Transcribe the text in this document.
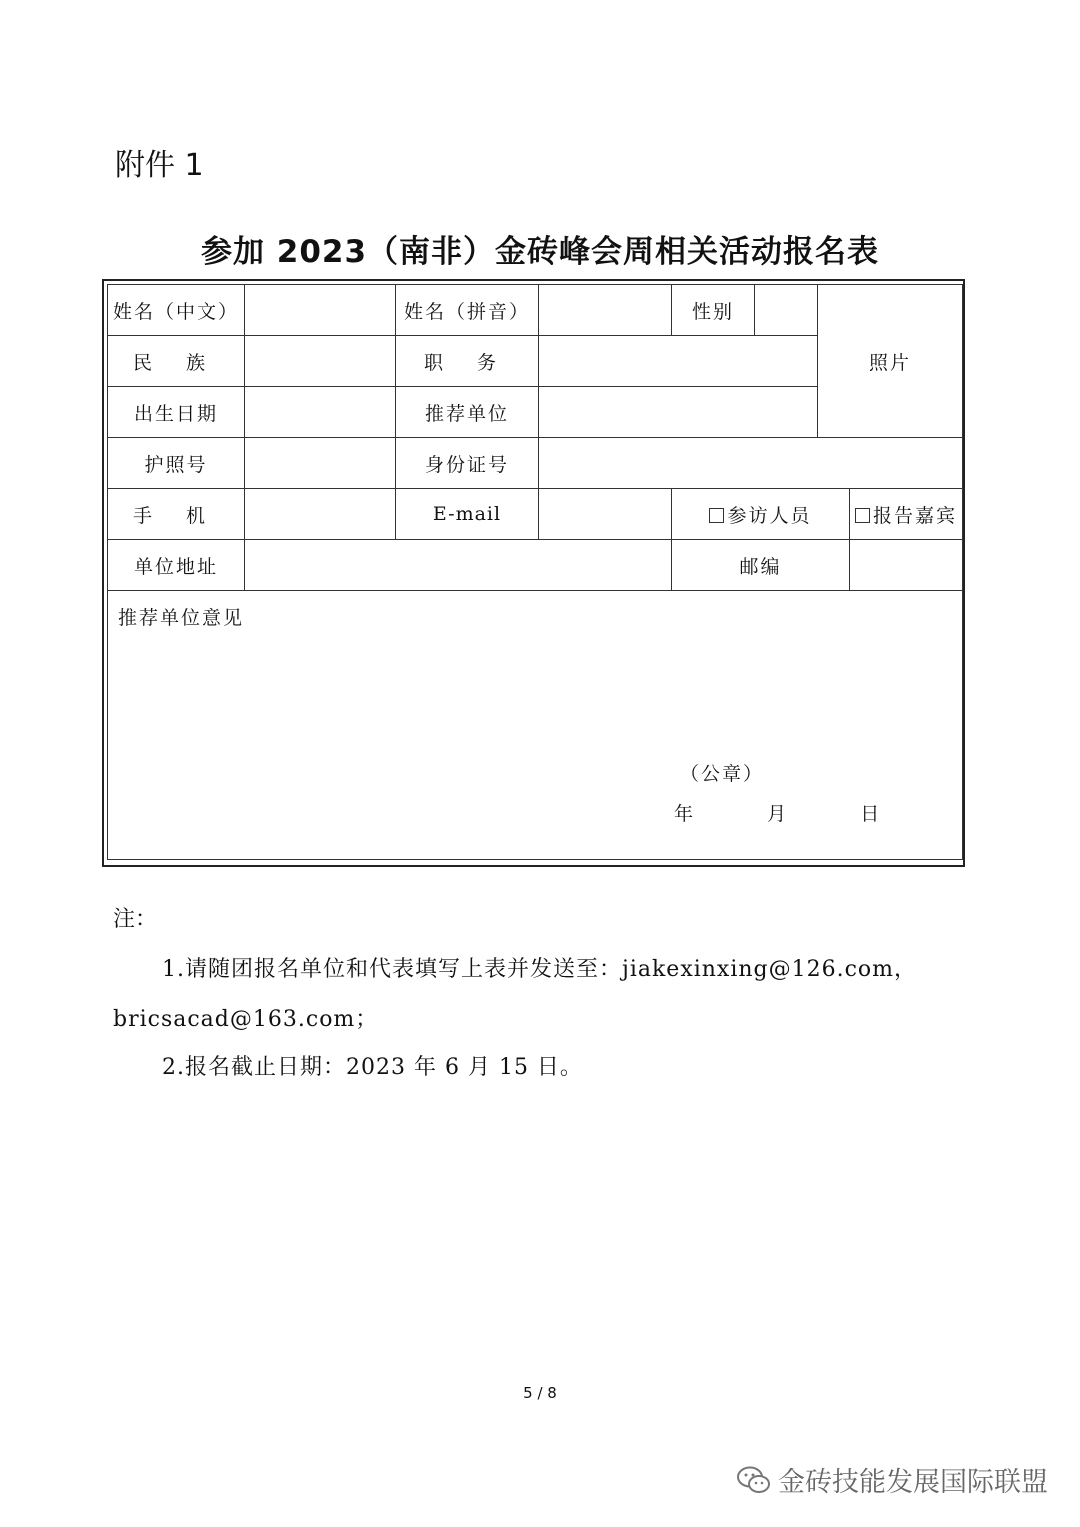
附件 1
参加 2023（南非）金砖峰会周相关活动报名表
姓名（中文）		姓名（拼音）		性别		照片	
民 族		职 务					
出生日期		推荐单位					
护照号		身份证号					
手 机		E-mail		参访人员			报告嘉宾
单位地址				邮编			

推荐单位意见
（公章）
年 月 日							
注：
1.请随团报名单位和代表填写上表并发送至：jiakexinxing@126.com，
bricsacad@163.com；
2.报名截止日期：2023 年 6 月 15 日。
5 / 8
金砖技能发展国际联盟
